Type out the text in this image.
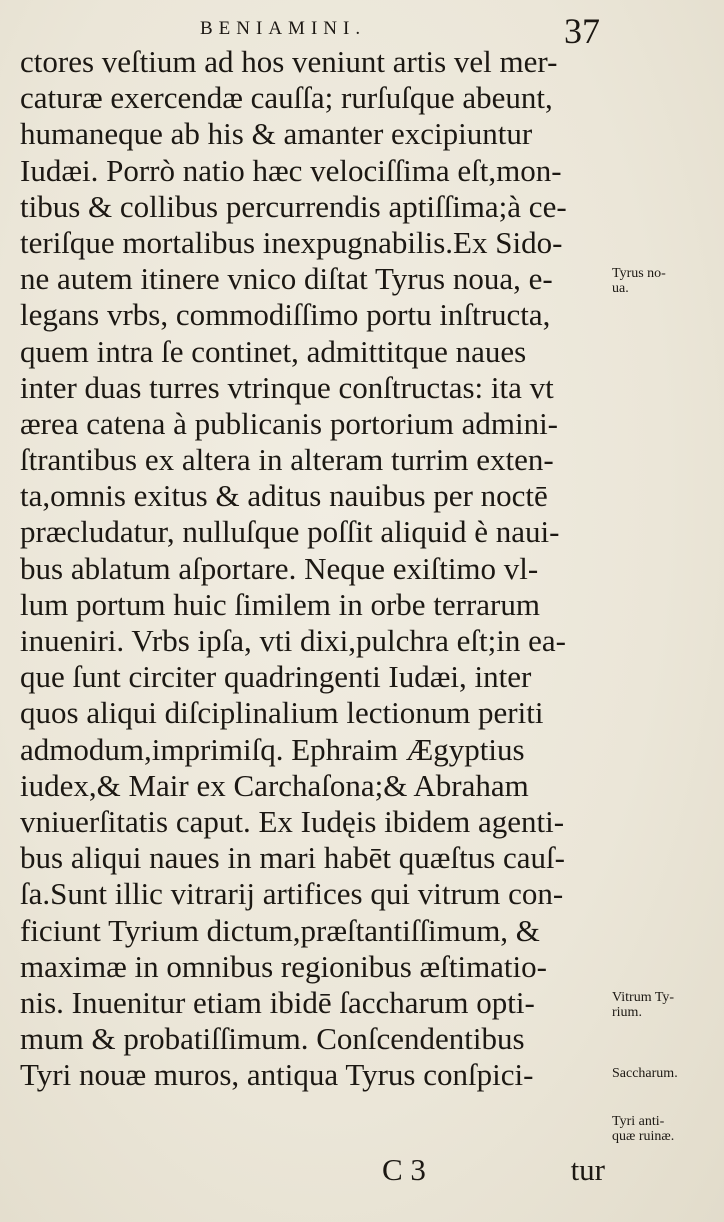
BENIAMINI.	37
ctores veſtium ad hos veniunt artis vel mer-
caturæ exercendæ cauſſa; rurſuſque abeunt,
humaneque ab his & amanter excipiuntur
Iudæi. Porrò natio hæc velociſſima eſt,mon-
tibus & collibus percurrendis aptiſſima;à ce-
teriſque mortalibus inexpugnabilis.Ex Sido-
ne autem itinere vnico diſtat Tyrus noua, e-
legans vrbs, commodiſſimo portu inſtructa,
quem intra ſe continet, admittitque naues
inter duas turres vtrinque conſtructas: ita vt
ærea catena à publicanis portorium admini-
ſtrantibus ex altera in alteram turrim exten-
ta,omnis exitus & aditus nauibus per noctē
præcludatur, nulluſque poſſit aliquid è naui-
bus ablatum aſportare. Neque exiſtimo vl-
lum portum huic ſimilem in orbe terrarum
inueniri. Vrbs ipſa, vti dixi,pulchra eſt;in ea-
que ſunt circiter quadringenti Iudæi, inter
quos aliqui diſciplinalium lectionum periti
admodum,imprimiſq. Ephraim Ægyptius
iudex,& Mair ex Carchaſona;& Abraham
vniuerſitatis caput. Ex Iudęis ibidem agenti-
bus aliqui naues in mari habēt quæſtus cauſ-
ſa.Sunt illic vitrarij artifices qui vitrum con-
ficiunt Tyrium dictum,præſtantiſſimum, &
maximæ in omnibus regionibus æſtimatio-
nis. Inuenitur etiam ibidē ſaccharum opti-
mum & probatiſſimum. Conſcendentibus
Tyri nouæ muros, antiqua Tyrus conſpici-
C 3	tur
Tyrus no-
ua.
Vitrum Ty-
rium.
Saccharum.
Tyri anti-
quæ ruinæ.
